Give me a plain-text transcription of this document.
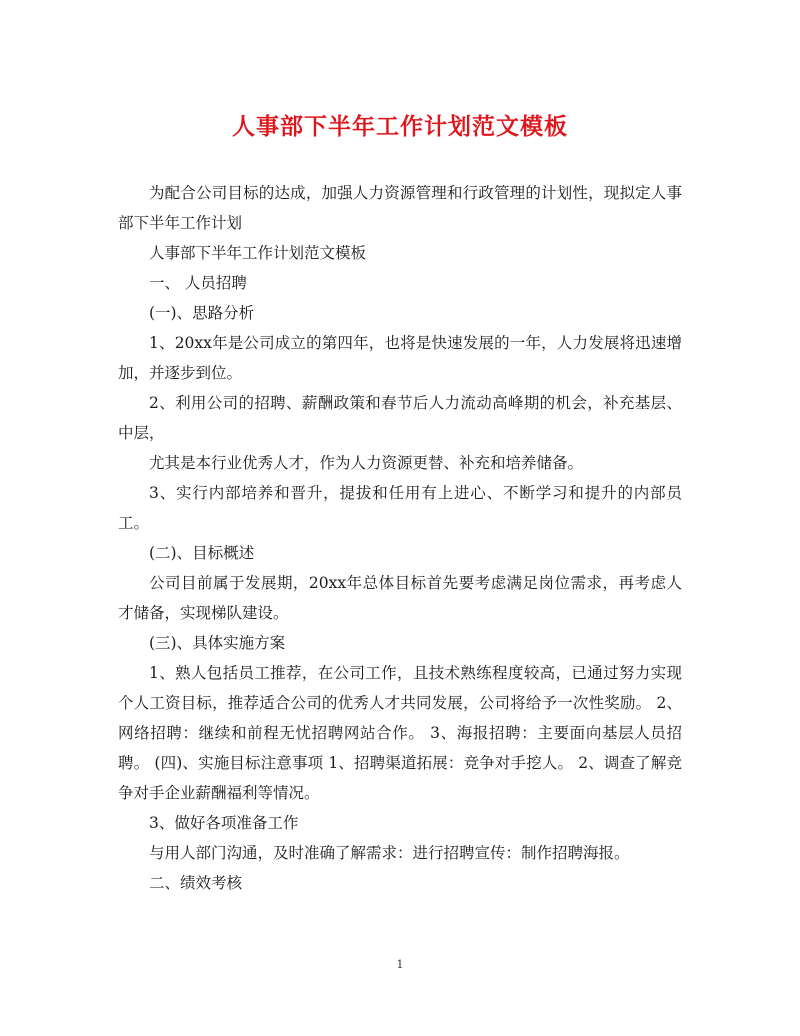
人事部下半年工作计划范文模板

为配合公司目标的达成，加强人力资源管理和行政管理的计划性，现拟定人事部下半年工作计划

人事部下半年工作计划范文模板

一、 人员招聘

(一)、思路分析

1、20xx年是公司成立的第四年，也将是快速发展的一年，人力发展将迅速增加，并逐步到位。

2、利用公司的招聘、薪酬政策和春节后人力流动高峰期的机会，补充基层、中层，

尤其是本行业优秀人才，作为人力资源更替、补充和培养储备。

3、实行内部培养和晋升，提拔和任用有上进心、不断学习和提升的内部员工。

(二)、目标概述

公司目前属于发展期，20xx年总体目标首先要考虑满足岗位需求，再考虑人才储备，实现梯队建设。

(三)、具体实施方案

1、熟人包括员工推荐，在公司工作，且技术熟练程度较高，已通过努力实现个人工资目标，推荐适合公司的优秀人才共同发展，公司将给予一次性奖励。 2、网络招聘：继续和前程无忧招聘网站合作。 3、海报招聘：主要面向基层人员招聘。 (四)、实施目标注意事项 1、招聘渠道拓展：竞争对手挖人。 2、调查了解竞争对手企业薪酬福利等情况。

3、做好各项准备工作

与用人部门沟通，及时准确了解需求：进行招聘宣传：制作招聘海报。

二、绩效考核

1
